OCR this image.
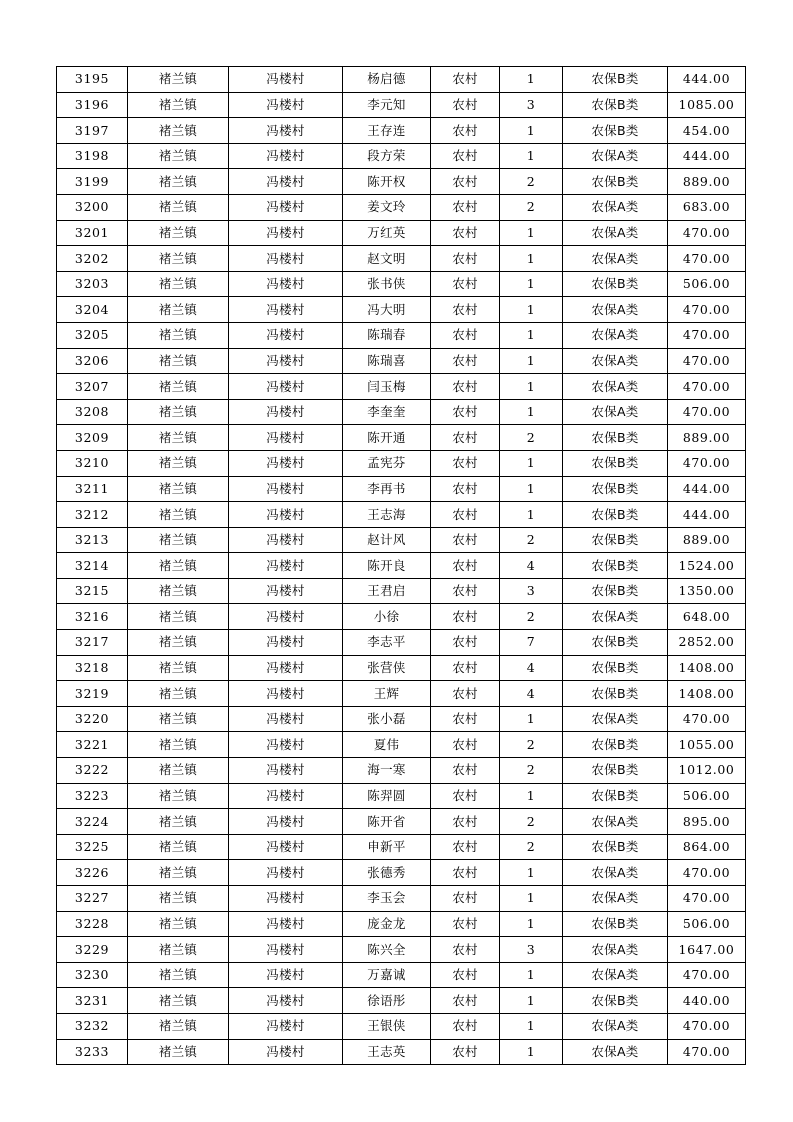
3195	褚兰镇	冯楼村	杨启德	农村	1	农保B类	444.00
3196	褚兰镇	冯楼村	李元知	农村	3	农保B类	1085.00
3197	褚兰镇	冯楼村	王存连	农村	1	农保B类	454.00
3198	褚兰镇	冯楼村	段方荣	农村	1	农保A类	444.00
3199	褚兰镇	冯楼村	陈开权	农村	2	农保B类	889.00
3200	褚兰镇	冯楼村	姜文玲	农村	2	农保A类	683.00
3201	褚兰镇	冯楼村	万红英	农村	1	农保A类	470.00
3202	褚兰镇	冯楼村	赵文明	农村	1	农保A类	470.00
3203	褚兰镇	冯楼村	张书侠	农村	1	农保B类	506.00
3204	褚兰镇	冯楼村	冯大明	农村	1	农保A类	470.00
3205	褚兰镇	冯楼村	陈瑞春	农村	1	农保A类	470.00
3206	褚兰镇	冯楼村	陈瑞喜	农村	1	农保A类	470.00
3207	褚兰镇	冯楼村	闫玉梅	农村	1	农保A类	470.00
3208	褚兰镇	冯楼村	李奎奎	农村	1	农保A类	470.00
3209	褚兰镇	冯楼村	陈开通	农村	2	农保B类	889.00
3210	褚兰镇	冯楼村	孟宪芬	农村	1	农保B类	470.00
3211	褚兰镇	冯楼村	李再书	农村	1	农保B类	444.00
3212	褚兰镇	冯楼村	王志海	农村	1	农保B类	444.00
3213	褚兰镇	冯楼村	赵计风	农村	2	农保B类	889.00
3214	褚兰镇	冯楼村	陈开良	农村	4	农保B类	1524.00
3215	褚兰镇	冯楼村	王君启	农村	3	农保B类	1350.00
3216	褚兰镇	冯楼村	小徐	农村	2	农保A类	648.00
3217	褚兰镇	冯楼村	李志平	农村	7	农保B类	2852.00
3218	褚兰镇	冯楼村	张营侠	农村	4	农保B类	1408.00
3219	褚兰镇	冯楼村	王辉	农村	4	农保B类	1408.00
3220	褚兰镇	冯楼村	张小磊	农村	1	农保A类	470.00
3221	褚兰镇	冯楼村	夏伟	农村	2	农保B类	1055.00
3222	褚兰镇	冯楼村	海一寒	农村	2	农保B类	1012.00
3223	褚兰镇	冯楼村	陈羿圆	农村	1	农保B类	506.00
3224	褚兰镇	冯楼村	陈开省	农村	2	农保A类	895.00
3225	褚兰镇	冯楼村	申新平	农村	2	农保B类	864.00
3226	褚兰镇	冯楼村	张德秀	农村	1	农保A类	470.00
3227	褚兰镇	冯楼村	李玉会	农村	1	农保A类	470.00
3228	褚兰镇	冯楼村	庞金龙	农村	1	农保B类	506.00
3229	褚兰镇	冯楼村	陈兴全	农村	3	农保A类	1647.00
3230	褚兰镇	冯楼村	万嘉诚	农村	1	农保A类	470.00
3231	褚兰镇	冯楼村	徐语彤	农村	1	农保B类	440.00
3232	褚兰镇	冯楼村	王银侠	农村	1	农保A类	470.00
3233	褚兰镇	冯楼村	王志英	农村	1	农保A类	470.00
